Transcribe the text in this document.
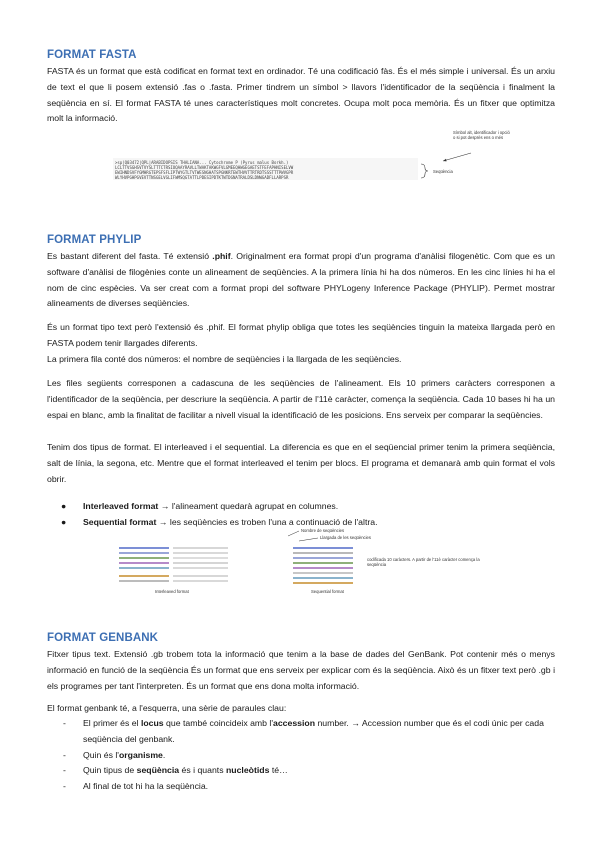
FORMAT FASTA

FASTA és un format que està codificat en format text en ordinador. Té una codificació fàs. És el més simple i universal. És un arxiu de text el que li posem extensió .fas o .fasta. Primer tindrem un símbol > llavors l'identificador de la seqüència i finalment la seqüència en sí. El format FASTA té unes característiques molt concretes. Ocupa molt poca memòria. És un fitxer que optimitza molt la informació.

>sp|Q03472|QPL|ARABIDOPSIS THALIANA... Cytochrome P (Pyrus malus Borkh.)
LCLTTVSGHSVTVYSLTTTCTRSIOQAAYRAVLLTWAKTAKWGFVLGMEEQHWGEGAETSTFEFAPHNISELVW
EWIHNDSVFYGMHRGTEPSFSFLIPTWYGTLTVTWESNGHATSPGNKRTEWTHVVTTRTRDTSSSTTTPWVGPR
WLYHVPGHPGVEVTTNSGELVGLIFWMSQGTATTLPDESIPDTKTWTDGNATRALDSLDNWGADFLLARPSR
Símbol alt, identificador i opció o si pot desprès ens o més
Seqüència
FORMAT PHYLIP

Es bastant diferent del fasta. Té extensió .phif. Originalment era format propi d'un programa d'anàlisi filogenètic. Com que es un software d'anàlisi de filogènies conte un alineament de seqüències. A la primera línia hi ha dos números. En les cinc línies hi ha el nom de cinc espècies. Va ser creat com a format propi del software PHYLogeny Inference Package (PHYLIP). Permet mostrar alineaments de diverses seqüències.

És un format tipo text però l'extensió és .phif. El format phylip obliga que totes les seqüències tinguin la mateixa llargada però en FASTA podem tenir llargades diferents.

La primera fila conté dos números: el nombre de seqüències i la llargada de les seqüències.

Les files següents corresponen a cadascuna de les seqüències de l'alineament. Els 10 primers caràcters corresponen a l'identificador de la seqüència, per descriure la seqüència. A partir de l'11è caràcter, comença la seqüència. Cada 10 bases hi ha un espai en blanc, amb la finalitat de facilitar a nivell visual la identificació de les posicions. Ens serveix per comparar la seqüències.

Tenim dos tipus de format. El interleaved i el sequential. La diferencia es que en el seqüencial primer tenim la primera seqüència, salt de línia, la segona, etc. Mentre que el format interleaved el tenim per blocs. El programa et demanarà amb quin format el vols obrir.

● Interleaved format → l'alineament quedarà agrupat en columnes.
● Sequential format → les seqüències es troben l'una a continuació de l'altra.
Interleaved format	Sequential format
Nombre de seqüències
Llargada de les seqüències
codificada 10 caràcters. A partir de l'11è caràcter comença la seqüència
FORMAT GENBANK

Fitxer tipus text. Extensió .gb trobem tota la informació que tenim a la base de dades del GenBank. Pot contenir més o menys informació en funció de la seqüència És un format que ens serveix per explicar com és la seqüència. Això és un fitxer text però .gb i els programes per tant l'interpreten. És un format que ens dona molta informació.

El format genbank té, a l'esquerra, una sèrie de paraules clau:

- El primer és el locus que també coincideix amb l'accession number. → Accession number que és el codi únic per cada seqüència del genbank.
- Quin és l'organisme.
- Quin tipus de seqüència és i quants nucleòtids té…
- Al final de tot hi ha la seqüència.
